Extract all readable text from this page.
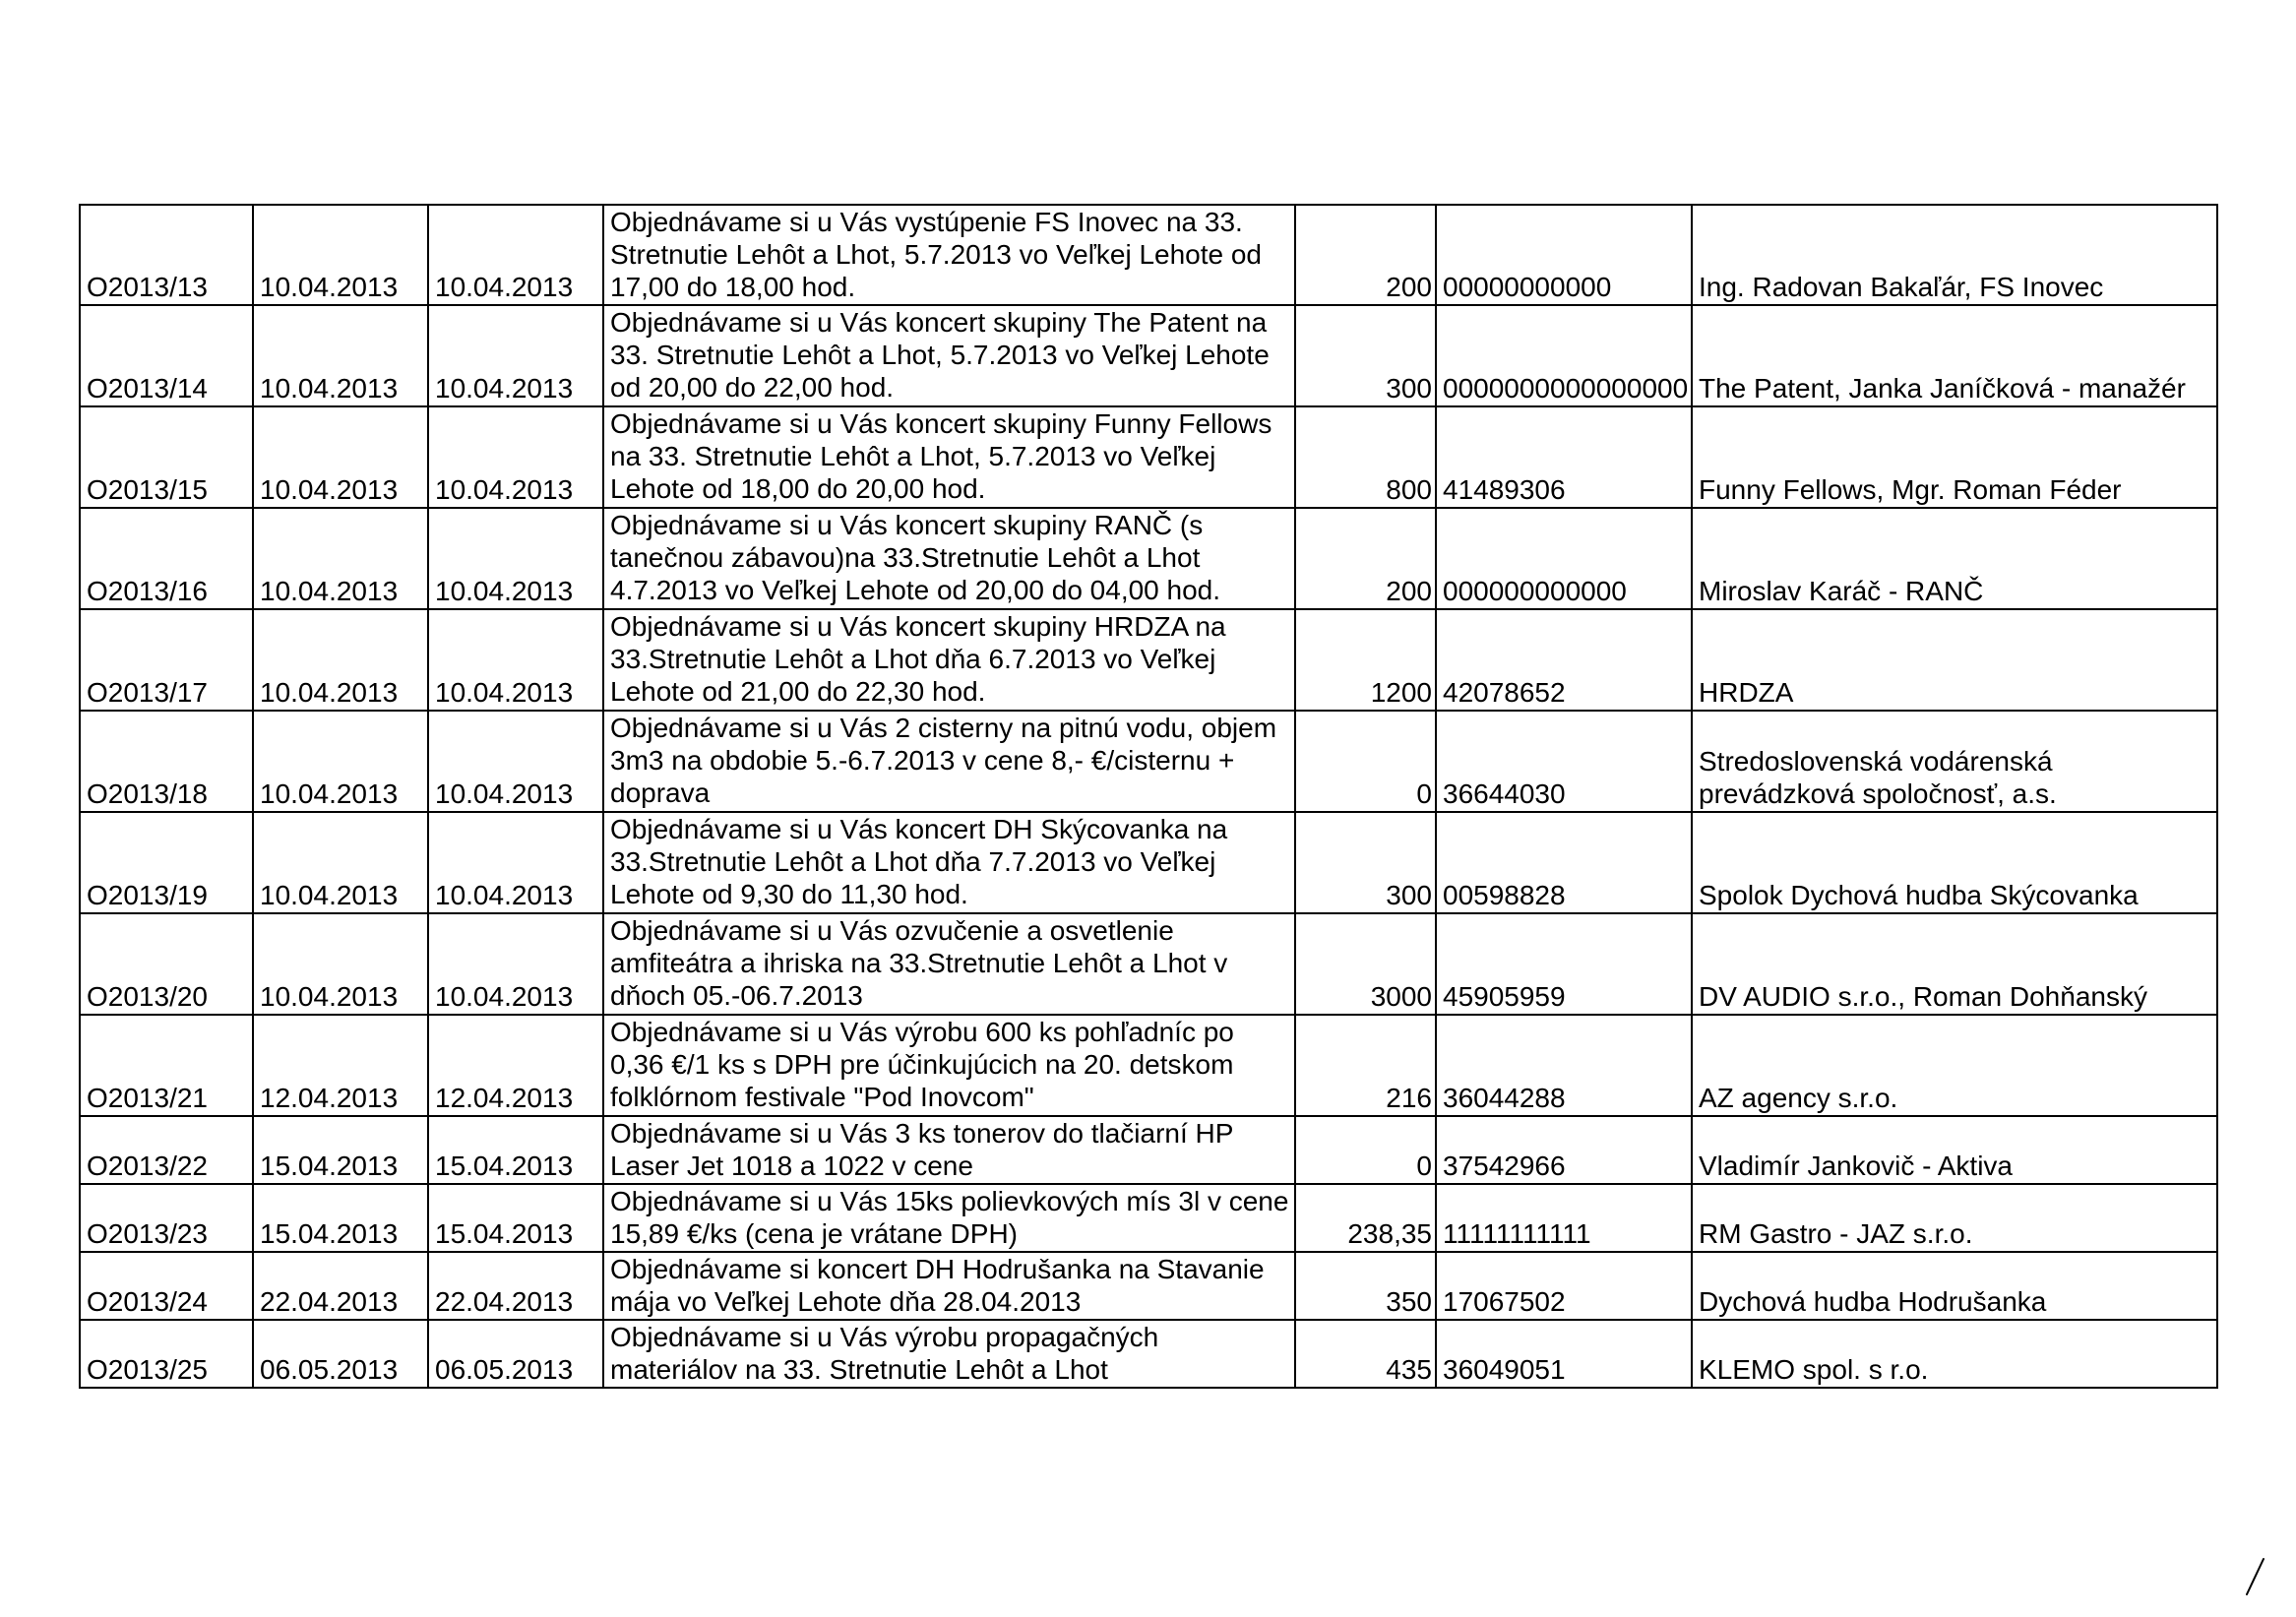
O2013/13	10.04.2013	10.04.2013	Objednávame si u Vás vystúpenie FS Inovec na 33. Stretnutie Lehôt a Lhot, 5.7.2013 vo Veľkej Lehote od 17,00 do 18,00 hod.	200	00000000000	Ing. Radovan Bakaľár, FS Inovec
O2013/14	10.04.2013	10.04.2013	Objednávame si u Vás koncert skupiny The Patent na 33. Stretnutie Lehôt a Lhot, 5.7.2013 vo Veľkej Lehote od 20,00 do 22,00 hod.	300	0000000000000000	The Patent, Janka Janíčková - manažér
O2013/15	10.04.2013	10.04.2013	Objednávame si u Vás koncert skupiny Funny Fellows na 33. Stretnutie Lehôt a Lhot, 5.7.2013 vo Veľkej Lehote od 18,00 do 20,00 hod.	800	41489306	Funny Fellows, Mgr. Roman Féder
O2013/16	10.04.2013	10.04.2013	Objednávame si u Vás koncert skupiny RANČ (s tanečnou zábavou)na 33.Stretnutie Lehôt a Lhot 4.7.2013 vo Veľkej Lehote od 20,00 do 04,00 hod.	200	000000000000	Miroslav Karáč - RANČ
O2013/17	10.04.2013	10.04.2013	Objednávame si u Vás koncert skupiny HRDZA na 33.Stretnutie Lehôt a Lhot dňa 6.7.2013 vo Veľkej Lehote od 21,00 do 22,30 hod.	1200	42078652	HRDZA
O2013/18	10.04.2013	10.04.2013	Objednávame si u Vás 2 cisterny na pitnú vodu, objem 3m3 na obdobie 5.-6.7.2013 v cene 8,- €/cisternu + doprava	0	36644030	Stredoslovenská vodárenská prevádzková spoločnosť, a.s.
O2013/19	10.04.2013	10.04.2013	Objednávame si u Vás koncert DH Skýcovanka na 33.Stretnutie Lehôt a Lhot dňa 7.7.2013 vo Veľkej Lehote od 9,30 do 11,30 hod.	300	00598828	Spolok Dychová hudba Skýcovanka
O2013/20	10.04.2013	10.04.2013	Objednávame si u Vás ozvučenie a osvetlenie amfiteátra a ihriska na 33.Stretnutie Lehôt a Lhot v dňoch 05.-06.7.2013	3000	45905959	DV AUDIO s.r.o., Roman Dohňanský
O2013/21	12.04.2013	12.04.2013	Objednávame si u Vás výrobu 600 ks pohľadníc po 0,36 €/1 ks s DPH pre účinkujúcich na 20. detskom folklórnom festivale "Pod Inovcom"	216	36044288	AZ agency s.r.o.
O2013/22	15.04.2013	15.04.2013	Objednávame si u Vás 3 ks tonerov do tlačiarní HP Laser Jet 1018 a 1022 v cene	0	37542966	Vladimír Jankovič - Aktiva
O2013/23	15.04.2013	15.04.2013	Objednávame si u Vás 15ks polievkových mís 3l v cene 15,89 €/ks (cena je vrátane DPH)	238,35	11111111111	RM Gastro - JAZ s.r.o.
O2013/24	22.04.2013	22.04.2013	Objednávame si koncert DH Hodrušanka na Stavanie mája vo Veľkej Lehote dňa 28.04.2013	350	17067502	Dychová hudba Hodrušanka
O2013/25	06.05.2013	06.05.2013	Objednávame si u Vás výrobu propagačných materiálov na 33. Stretnutie Lehôt a Lhot	435	36049051	KLEMO spol. s r.o.
